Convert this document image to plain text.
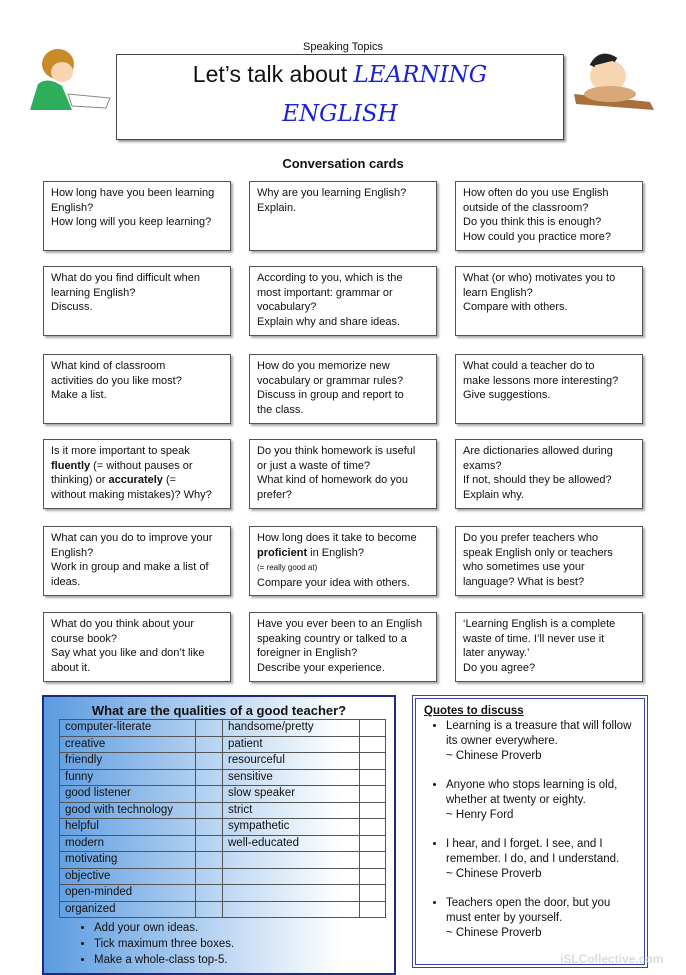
Speaking Topics
Let’s talk about LEARNING
ENGLISH
Conversation cards
How long have you been learning
English?
How long will you keep learning?
Why are you learning English?
Explain.
How often do you use English
outside of the classroom?
Do you think this is enough?
How could you practice more?
What do you find difficult when
learning English?
Discuss.
According to you, which is the
most important: grammar or
vocabulary?
Explain why and share ideas.
What (or who) motivates you to
learn English?
Compare with others.
What kind of classroom
activities do you like most?
Make a list.
How do you memorize new
vocabulary or grammar rules?
Discuss in group and report to
the class.
What could a teacher do to
make lessons more interesting?
Give suggestions.
Is it more important to speak
fluently (= without pauses or
thinking) or accurately (=
without making mistakes)? Why?
Do you think homework is useful
or just a waste of time?
What kind of homework do you
prefer?
Are dictionaries allowed during
exams?
If not, should they be allowed?
Explain why.
What can you do to improve your
English?
Work in group and make a list of
ideas.
How long does it take to become
proficient in English?
(= really good at)
Compare your idea with others.
Do you prefer teachers who
speak English only or teachers
who sometimes use your
language? What is best?
What do you think about your
course book?
Say what you like and don’t like
about it.
Have you ever been to an English
speaking country or talked to a
foreigner in English?
Describe your experience.
‘Learning English is a complete
waste of time. I’ll never use it
later anyway.’
Do you agree?
What are the qualities of a good teacher?
computer-literate		handsome/pretty	
creative		patient	
friendly		resourceful	
funny		sensitive	
good listener		slow speaker	
good with technology		strict	
helpful		sympathetic	
modern		well-educated	
motivating			
objective			
open-minded			
organized			
• Add your own ideas.
• Tick maximum three boxes.
• Make a whole-class top-5.
Quotes to discuss
• Learning is a treasure that will follow its owner everywhere.
~ Chinese Proverb
• Anyone who stops learning is old, whether at twenty or eighty.
~ Henry Ford
• I hear, and I forget. I see, and I remember. I do, and I understand.
~ Chinese Proverb
• Teachers open the door, but you must enter by yourself.
~ Chinese Proverb
iSLCollective.com
